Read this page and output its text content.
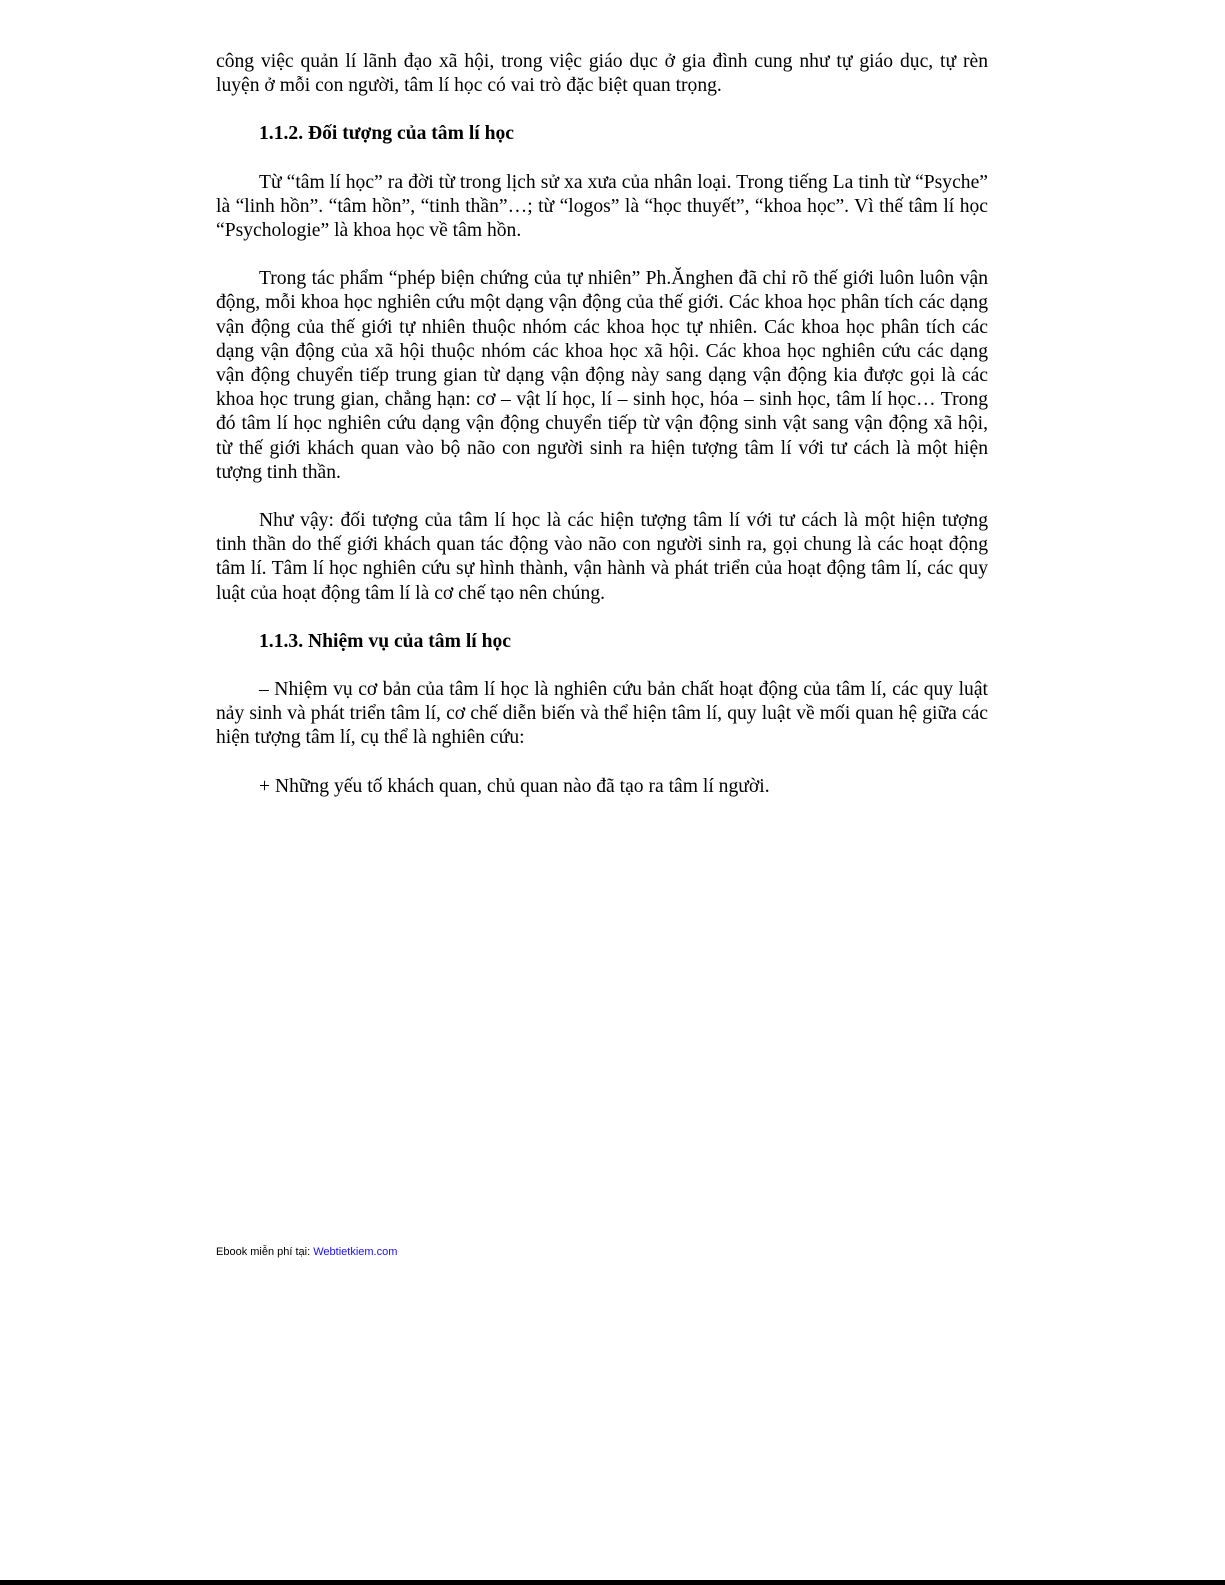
công việc quản lí lãnh đạo xã hội, trong việc giáo dục ở gia đình cung như tự giáo dục, tự rèn luyện ở mỗi con người, tâm lí học có vai trò đặc biệt quan trọng.

1.1.2. Đối tượng của tâm lí học

Từ “tâm lí học” ra đời từ trong lịch sử xa xưa của nhân loại. Trong tiếng La tinh từ “Psyche” là “linh hồn”. “tâm hồn”, “tinh thần”…; từ “logos” là “học thuyết”, “khoa học”. Vì thế tâm lí học “Psychologie” là khoa học về tâm hồn.

Trong tác phẩm “phép biện chứng của tự nhiên” Ph.Ănghen đã chỉ rõ thế giới luôn luôn vận động, mỗi khoa học nghiên cứu một dạng vận động của thế giới. Các khoa học phân tích các dạng vận động của thế giới tự nhiên thuộc nhóm các khoa học tự nhiên. Các khoa học phân tích các dạng vận động của xã hội thuộc nhóm các khoa học xã hội. Các khoa học nghiên cứu các dạng vận động chuyển tiếp trung gian từ dạng vận động này sang dạng vận động kia được gọi là các khoa học trung gian, chẳng hạn: cơ – vật lí học, lí – sinh học, hóa – sinh học, tâm lí học… Trong đó tâm lí học nghiên cứu dạng vận động chuyển tiếp từ vận động sinh vật sang vận động xã hội, từ thế giới khách quan vào bộ não con người sinh ra hiện tượng tâm lí với tư cách là một hiện tượng tinh thần.

Như vậy: đối tượng của tâm lí học là các hiện tượng tâm lí với tư cách là một hiện tượng tinh thần do thế giới khách quan tác động vào não con người sinh ra, gọi chung là các hoạt động tâm lí. Tâm lí học nghiên cứu sự hình thành, vận hành và phát triển của hoạt động tâm lí, các quy luật của hoạt động tâm lí là cơ chế tạo nên chúng.

1.1.3. Nhiệm vụ của tâm lí học

– Nhiệm vụ cơ bản của tâm lí học là nghiên cứu bản chất hoạt động của tâm lí, các quy luật nảy sinh và phát triển tâm lí, cơ chế diễn biến và thể hiện tâm lí, quy luật về mối quan hệ giữa các hiện tượng tâm lí, cụ thể là nghiên cứu:

+ Những yếu tố khách quan, chủ quan nào đã tạo ra tâm lí người.

Ebook miễn phí tại: Webtietkiem.com
